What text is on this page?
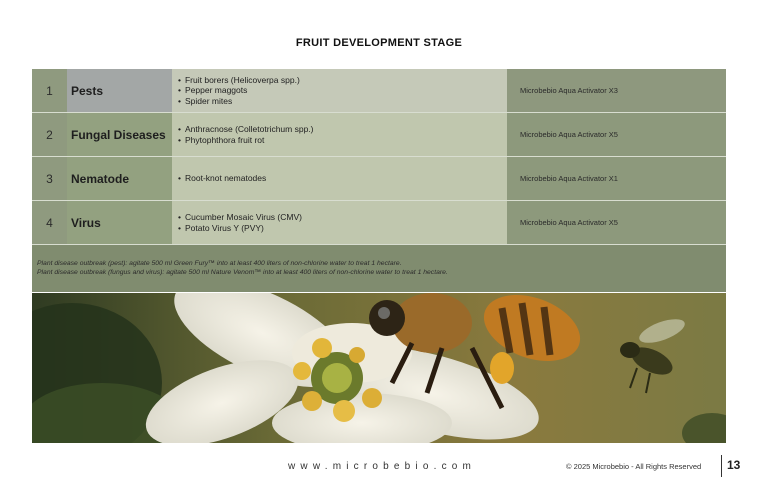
FRUIT DEVELOPMENT STAGE
1	Pests
• Fruit borers (Helicoverpa spp.)
• Pepper maggots
• Spider mites
Microbebio Aqua Activator X3
2	Fungal Diseases	• Anthracnose (Colletotrichum spp.)
• Phytophthora fruit rot	Microbebio Aqua Activator X5
3	Nematode	• Root-knot nematodes	Microbebio Aqua Activator X1
4	Virus	• Cucumber Mosaic Virus (CMV)
• Potato Virus Y (PVY)	Microbebio Aqua Activator X5
Plant disease outbreak (pest): agitate 500 ml Green Fury™ into at least 400 liters of non-chlorine water to treat 1 hectare.
Plant disease outbreak (fungus and virus): agitate 500 ml Nature Venom™ into at least 400 liters of non-chlorine water to treat 1 hectare.
www.microbebio.com	© 2025 Microbebio - All Rights Reserved 13
